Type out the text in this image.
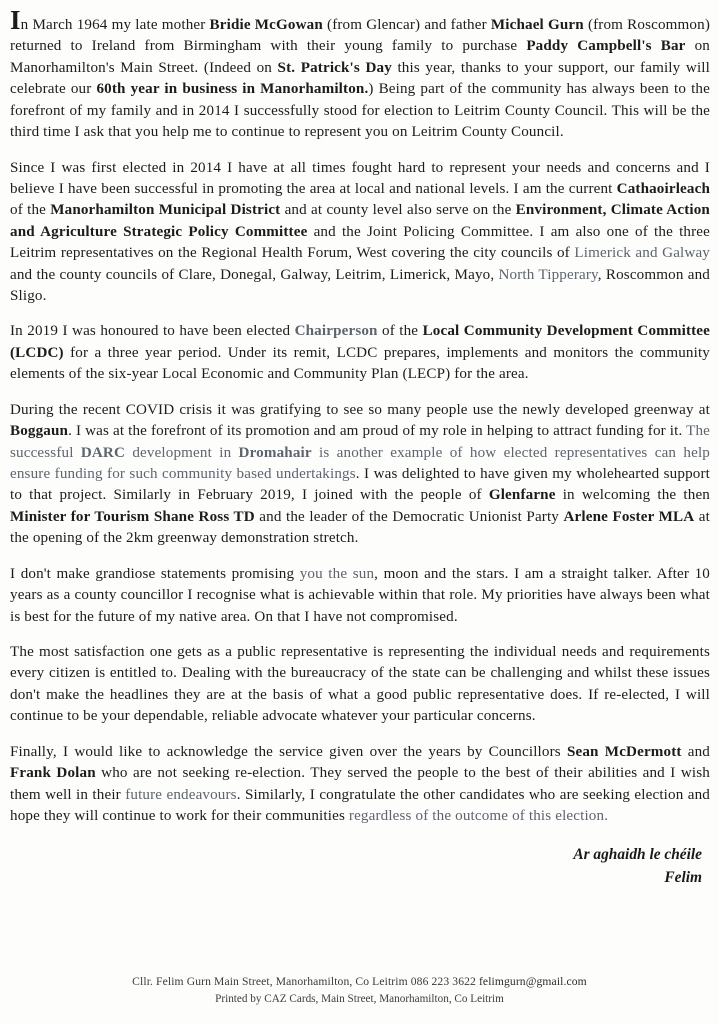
In March 1964 my late mother Bridie McGowan (from Glencar) and father Michael Gurn (from Roscommon) returned to Ireland from Birmingham with their young family to purchase Paddy Campbell's Bar on Manorhamilton's Main Street. (Indeed on St. Patrick's Day this year, thanks to your support, our family will celebrate our 60th year in business in Manorhamilton.) Being part of the community has always been to the forefront of my family and in 2014 I successfully stood for election to Leitrim County Council. This will be the third time I ask that you help me to continue to represent you on Leitrim County Council.

Since I was first elected in 2014 I have at all times fought hard to represent your needs and concerns and I believe I have been successful in promoting the area at local and national levels. I am the current Cathaoirleach of the Manorhamilton Municipal District and at county level also serve on the Environment, Climate Action and Agriculture Strategic Policy Committee and the Joint Policing Committee. I am also one of the three Leitrim representatives on the Regional Health Forum, West covering the city councils of Limerick and Galway and the county councils of Clare, Donegal, Galway, Leitrim, Limerick, Mayo, North Tipperary, Roscommon and Sligo.

In 2019 I was honoured to have been elected Chairperson of the Local Community Development Committee (LCDC) for a three year period. Under its remit, LCDC prepares, implements and monitors the community elements of the six-year Local Economic and Community Plan (LECP) for the area.

During the recent COVID crisis it was gratifying to see so many people use the newly developed greenway at Boggaun. I was at the forefront of its promotion and am proud of my role in helping to attract funding for it. The successful DARC development in Dromahair is another example of how elected representatives can help ensure funding for such community based undertakings. I was delighted to have given my wholehearted support to that project. Similarly in February 2019, I joined with the people of Glenfarne in welcoming the then Minister for Tourism Shane Ross TD and the leader of the Democratic Unionist Party Arlene Foster MLA at the opening of the 2km greenway demonstration stretch.

I don't make grandiose statements promising you the sun, moon and the stars. I am a straight talker. After 10 years as a county councillor I recognise what is achievable within that role. My priorities have always been what is best for the future of my native area. On that I have not compromised.

The most satisfaction one gets as a public representative is representing the individual needs and requirements every citizen is entitled to. Dealing with the bureaucracy of the state can be challenging and whilst these issues don't make the headlines they are at the basis of what a good public representative does. If re-elected, I will continue to be your dependable, reliable advocate whatever your particular concerns.

Finally, I would like to acknowledge the service given over the years by Councillors Sean McDermott and Frank Dolan who are not seeking re-election. They served the people to the best of their abilities and I wish them well in their future endeavours. Similarly, I congratulate the other candidates who are seeking election and hope they will continue to work for their communities regardless of the outcome of this election.

Ar aghaidh le chéile
Felim
Cllr. Felim Gurn Main Street, Manorhamilton, Co Leitrim 086 223 3622 felimgurn@gmail.com
Printed by CAZ Cards, Main Street, Manorhamilton, Co Leitrim
